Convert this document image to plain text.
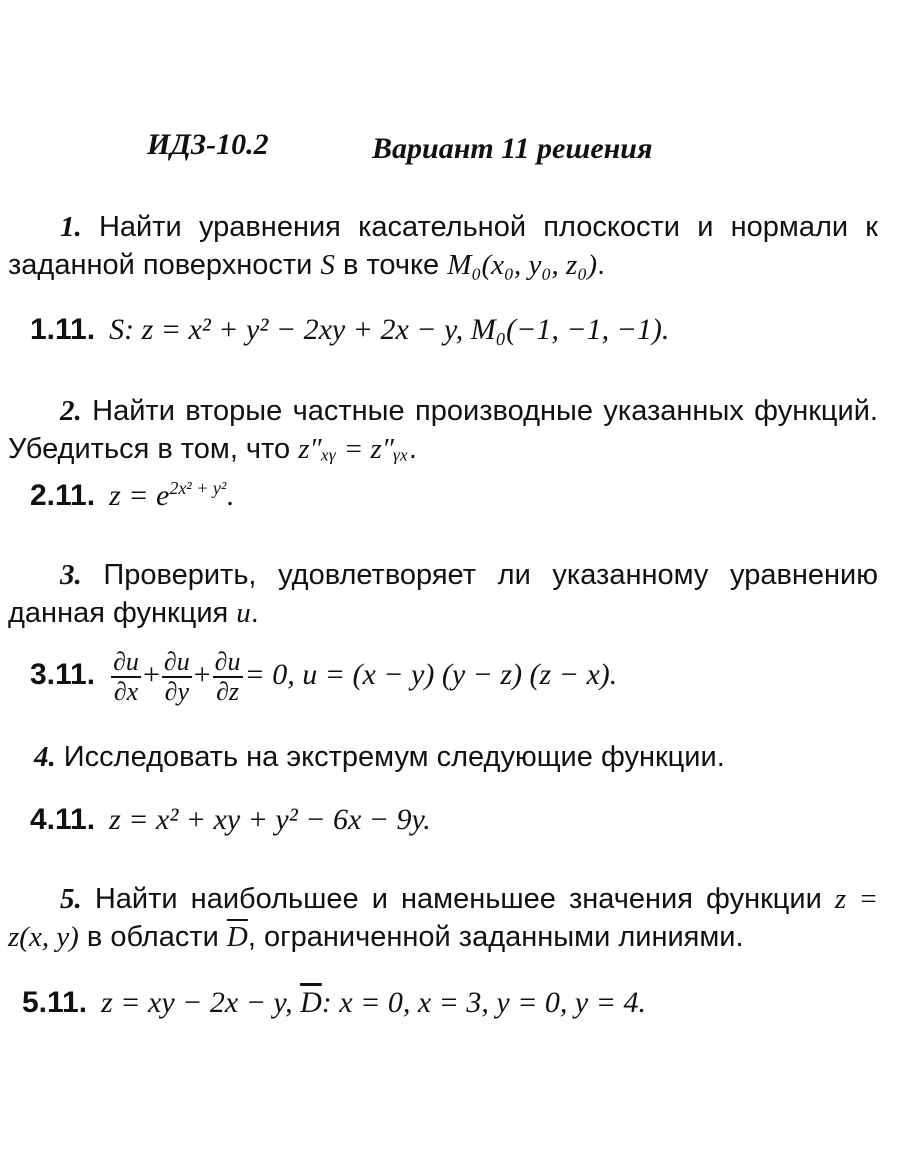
ИДЗ-10.2	Вариант 11 решения
1. Найти уравнения касательной плоскости и нормали к заданной поверхности S в точке M₀(x₀, y₀, z₀).
1.11. S: z = x² + y² − 2xy + 2x − y, M₀(−1, −1, −1).
2. Найти вторые частные производные указанных функций. Убедиться в том, что z″ₓᵧ = z″ᵧₓ.
2.11. $z = e^{2x^2 + y^2}$.
3. Проверить, удовлетворяет ли указанному уравнению данная функция u.
3.11. $\frac{\partial u}{\partial x} + \frac{\partial u}{\partial y} + \frac{\partial u}{\partial z} = 0$, u = (x − y) (y − z) (z − x).
4. Исследовать на экстремум следующие функции.
4.11. z = x² + xy + y² − 6x − 9y.
5. Найти наибольшее и наменьшее значения функции z = z(x, y) в области $\overline{D}$, ограниченной заданными линиями.
5.11. z = xy − 2x − y, $\overline{D}$: x = 0, x = 3, y = 0, y = 4.
